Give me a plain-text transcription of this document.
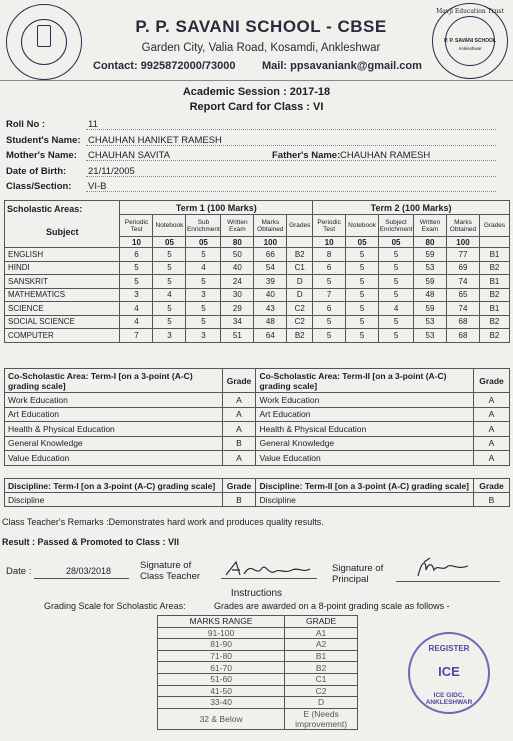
Mavji Education Trust
P. P. SAVANI SCHOOL
Ankleshwar
P. P. SAVANI SCHOOL - CBSE
Garden City, Valia Road, Kosamdi, Ankleshwar
Contact: 9925872000/73000 Mail: ppsavaniank@gmail.com
Academic Session : 2017-18
Report Card for Class : VI
Roll No :	11
Student's Name: CHAUHAN HANIKET RAMESH
Mother's Name: CHAUHAN SAVITA	Father's Name: CHAUHAN RAMESH
Date of Birth: 21/11/2005
Class/Section: VI-B
Scholastic Areas:
Subject	Term 1 (100 Marks)						Term 2 (100 Marks)					
	Periodic Test	Notebook	Sub Enrichment	Written Exam	Marks Obtained	Grades	Periodic Test	Notebook	Subject Enrichment	Written Exam	Marks Obtained	Grades
	10	05	05	80	100		10	05	05	80	100	
ENGLISH	6	5	5	50	66	B2	8	5	5	59	77	B1
HINDI	5	5	4	40	54	C1	6	5	5	53	69	B2
SANSKRIT	5	5	5	24	39	D	5	5	5	59	74	B1
MATHEMATICS	3	4	3	30	40	D	7	5	5	48	65	B2
SCIENCE	4	5	5	29	43	C2	6	5	4	59	74	B1
SOCIAL SCIENCE	4	5	5	34	48	C2	5	5	5	53	68	B2
COMPUTER	7	3	3	51	64	B2	5	5	5	53	68	B2
Co-Scholastic Area: Term-I [on a 3-point (A-C) grading scale]	Grade	Co-Scholastic Area: Term-II [on a 3-point (A-C) grading scale]	Grade
Work Education	A	Work Education	A
Art Education	A	Art Education	A
Health & Physical Education	A	Health & Physical Education	A
General Knowledge	B	General Knowledge	A
Value Education	A	Value Education	A
Discipline: Term-I [on a 3-point (A-C) grading scale]	Grade	Discipline: Term-II [on a 3-point (A-C) grading scale]	Grade
Discipline	B	Discipline	B
Class Teacher's Remarks :Demonstrates hard work and produces quality results.
Result : Passed & Promoted to Class : VII
Date :	28/03/2018	Signature of
Class Teacher
Signature of
Principal
Instructions
Grading Scale for Scholastic Areas:	Grades are awarded on a 8-point grading scale as follows -
MARKS RANGE	GRADE
91-100	A1
81-90	A2
71-80	B1
61-70	B2
51-60	C1
41-50	C2
33-40	D
32 & Below	E (Needs improvement)
REGISTER
ICE
ICE GIDC, ANKLESHWAR
